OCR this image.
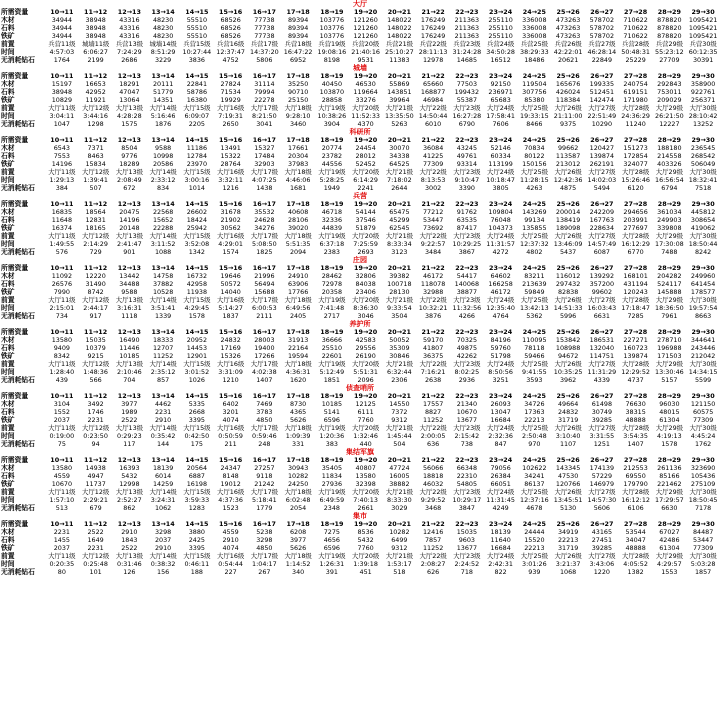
大厅
所需资量	10→11	11→12	12→13	13→14	14→15	15→16	16→17	17→18	18→19	19→20	20→21	21→22	22→23	23→24	24→25	25→26	26→27	27→28	28→29	29→30
木材	34944	38948	43316	48230	55510	68526	77738	89394	103776	121260	148022	176249	211363	255110	336008	473263	578702	710622	878820	1095421
石料	34944	38948	43316	48230	55510	68526	77738	89394	103776	121260	148022	176249	211363	255110	336008	473263	578702	710622	878820	1095421
铁矿	34944	38948	43316	48230	55510	68526	77738	89394	103776	121260	148022	176249	211363	255110	336008	473263	578702	710622	878820	1095421
前置	兵营11级	城墙11级	兵营13级	城墙14级	兵营15级	兵营16级	兵营17级	兵营18级	兵营19级	兵营20级	兵营21级	兵营22级	兵营23级	兵营24级	兵营25级	兵营26级	兵营27级	兵营28级	兵营29级	兵营30级
时间	4:57:03	6:06:27	7:24:29	8:51:29	10:27:44	12:37:47	14:37:20	16:47:22	19:08:16	21:40:16	25:10:27	28:11:13	31:24:28	34:50:28	38:29:33	42:22:01	46:28:14	50:48:31	55:23:12	60:12:35
无消耗钻石	1764	2199	2686	3229	3836	4752	5806	6952	8198	9531	11383	12978	14685	16512	18486	20621	22849	25229	27709	30391
城墙
所需资量	10→11	11→12	12→13	13→14	14→15	15→16	16→17	17→18	18→19	19→20	20→21	21→22	22→23	23→24	24→25	25→26	26→27	27→28	28→29	29→30
木材	15197	16653	18291	20111	22841	27824	31114	35250	40450	46530	55869	65660	77503	92150	119504	165676	199335	240754	292843	358900
石料	38948	42952	47047	51779	58786	71534	79994	90710	103870	119664	143851	168877	199432	236971	307756	426024	512451	619151	753011	922761
铁矿	10829	11921	13064	14351	16380	19929	22278	25150	28858	33276	39964	46984	55387	65683	85380	118384	142474	171980	209029	256371
前置	大厅11级	大厅12级	大厅13级	大厅14级	大厅15级	大厅16级	大厅17级	大厅18级	大厅19级	大厅20级	大厅21级	大厅22级	大厅23级	大厅24级	大厅25级	大厅26级	大厅27级	大厅28级	大厅29级	大厅30级
时间	3:04:11	3:44:16	4:28:28	5:16:46	6:09:07	7:19:31	8:21:50	9:28:10	10:38:26	11:52:33	13:35:50	14:50:44	16:27:28	17:58:41	19:33:15	21:11:00	22:51:49	24:36:29	26:21:50	28:10:42
无消耗钻石	1047	1298	1575	1876	2205	2650	3041	3460	3904	4370	5263	6010	6790	7606	8466	9375	10290	11240	12227	13252
科研所
所需资量	10→11	11→12	12→13	13→14	14→15	15→16	16→17	17→18	18→19	19→20	20→21	21→22	22→23	23→24	24→25	25→26	26→27	27→28	28→29	29→30
木材	6543	7371	8504	9588	11186	13491	15327	17661	20774	24454	30070	36084	43245	52146	70834	99662	120427	151273	188180	236545
石料	7553	8463	9776	10998	12784	15322	17484	20304	23782	28012	34338	41225	49761	60334	80122	113587	139874	172854	214558	268542
铁矿	14196	15834	18289	20586	23970	28764	32903	37983	44556	52452	64525	77309	93314	113199	150156	213012	262191	324077	403326	506049
前置	大厅11级	大厅12级	大厅13级	大厅14级	大厅15级	大厅16级	大厅17级	大厅18级	大厅19级	大厅20级	大厅21级	大厅22级	大厅23级	大厅24级	大厅25级	大厅26级	大厅27级	大厅28级	大厅29级	大厅30级
时间	1:29:13	1:39:41	2:08:49	2:33:12	3:00:16	3:32:11	4:07:25	4:46:06	5:28:25	6:14:29	7:18:02	8:13:53	9:10:47	10:18:47	11:28:15	12:42:36	14:02:03	15:26:46	16:56:54	18:32:41
无消耗钻石	384	507	672	834	1014	1216	1438	1681	1949	2241	2644	3002	3390	3805	4263	4875	5494	6120	6794	7518
兵营
所需资量	10→11	11→12	12→13	13→14	14→15	15→16	16→17	17→18	18→19	19→20	20→21	21→22	22→23	23→24	24→25	25→26	26→27	27→28	28→29	29→30
木材	16835	18564	20475	22568	26602	31678	35532	40608	46718	54144	65475	77212	91762	109804	143269	200014	242209	294656	361034	445812
石料	11648	12831	14196	15652	18424	21902	24628	28106	32336	37546	45299	53447	63535	76048	99134	138419	167763	203991	249903	308654
铁矿	16374	18165	20148	22288	25942	30562	34276	39020	44839	51879	62545	73692	87417	104373	135855	189098	228634	277697	339808	419062
前置	大厅11级	大厅12级	大厅13级	大厅14级	大厅15级	大厅16级	大厅17级	大厅18级	大厅19级	大厅20级	大厅21级	大厅22级	大厅23级	大厅24级	大厅25级	大厅26级	大厅27级	大厅28级	大厅29级	大厅30级
时间	1:49:55	2:14:29	2:41:47	3:11:52	3:52:08	4:29:01	5:08:50	5:51:35	6:37:18	7:25:59	8:33:34	9:22:57	10:29:25	11:31:57	12:37:32	13:46:09	14:57:49	16:12:29	17:30:08	18:50:44
无消耗钻石	576	729	901	1088	1342	1574	1825	2094	2383	2693	3123	3484	3867	4272	4802	5437	6087	6770	7488	8242
庄园
所需资量	10→11	11→12	12→13	13→14	14→15	15→16	16→17	17→18	18→19	19→20	20→21	21→22	22→23	23→24	24→25	25→26	26→27	27→28	28→29	29→30
木材	11092	12220	13442	14758	16732	19646	21996	24910	28462	32806	39382	46172	54417	64602	83211	116012	139292	168101	204282	249960
石料	26576	31490	34488	37882	42958	50572	56494	63906	72978	84038	100718	118078	140068	166258	213639	297432	357200	431194	524117	641454
铁矿	7990	8742	9588	10528	11938	14040	15688	17766	20358	23406	28130	32988	38877	46172	59849	82838	99602	120243	145888	178577
前置	大厅11级	大厅12级	大厅13级	大厅14级	大厅15级	大厅16级	大厅17级	大厅18级	大厅19级	大厅20级	大厅21级	大厅22级	大厅23级	大厅24级	大厅25级	大厅26级	大厅27级	大厅28级	大厅29级	大厅30级
时间	2:15:01	2:44:17	3:16:31	3:51:41	4:29:45	5:14:27	6:00:53	6:49:56	7:41:48	8:36:30	9:33:54	10:32:21	11:32:56	12:35:40	13:42:13	14:51:33	16:03:43	17:18:47	18:36:50	19:57:54
无消耗钻石	734	917	1118	1339	1578	1837	2111	2405	2717	3046	3504	3876	4266	4764	5362	5996	6631	7285	7961	8663
养护所
所需资量	10→11	11→12	12→13	13→14	14→15	15→16	16→17	17→18	18→19	19→20	20→21	21→22	22→23	23→24	24→25	25→26	26→27	27→28	28→29	29→30
木材	13580	15035	16490	18333	20952	24832	28003	31913	36666	42583	50052	59170	70325	84196	110095	153842	186531	227271	278710	344641
石料	9409	10379	11446	12707	14453	17169	19400	22164	25510	29556	35309	41807	49875	59760	78118	108988	132040	160723	196988	243446
铁矿	8342	9215	10185	11252	12901	15326	17266	19594	22601	26190	30846	36375	42262	51798	59466	94672	114751	139874	171503	212042
前置	大厅11级	大厅12级	大厅13级	大厅14级	大厅15级	大厅16级	大厅17级	大厅18级	大厅19级	大厅20级	大厅21级	大厅22级	大厅23级	大厅24级	大厅25级	大厅26级	大厅27级	大厅28级	大厅29级	大厅30级
时间	1:28:40	1:48:36	2:10:46	2:35:12	3:01:52	3:31:09	4:02:38	4:36:31	5:12:49	5:51:31	6:32:44	7:16:21	8:02:25	8:50:56	9:41:55	10:35:25	11:31:29	12:29:52	13:30:46	14:34:15
无消耗钻石	439	566	704	857	1026	1210	1407	1620	1851	2096	2306	2638	2936	3251	3593	3962	4339	4737	5157	5599
侦查哨所
所需资量	10→11	11→12	12→13	13→14	14→15	15→16	16→17	17→18	18→19	19→20	20→21	21→22	22→23	23→24	24→25	25→26	26→27	27→28	28→29	29→30
木材	3104	3492	3977	4462	5335	6402	7469	8730	10185	12125	14550	17557	21340	26093	34726	49664	61498	76630	96030	121150
石料	1552	1746	1989	2231	2668	3201	3783	4365	5141	6111	7372	8827	10670	13047	17363	24832	30749	38315	48015	60575
铁矿	2037	2231	2522	2910	3395	4074	4850	5626	6596	7760	9312	11252	13677	16684	22213	31719	39285	48888	61304	77309
前置	大厅11级	大厅12级	大厅13级	大厅14级	大厅15级	大厅16级	大厅17级	大厅18级	大厅19级	大厅20级	大厅21级	大厅22级	大厅23级	大厅24级	大厅25级	大厅26级	大厅27级	大厅28级	大厅29级	大厅30级
时间	0:19:00	0:23:50	0:29:23	0:35:42	0:42:50	0:50:59	0:59:46	1:09:39	1:20:36	1:32:46	1:45:44	2:00:05	2:15:42	2:32:36	2:50:48	3:10:40	3:31:55	3:54:35	4:19:13	4:45:24
无消耗钻石	75	94	117	144	175	211	248	331	383	440	504	636	738	847	970	1107	1251	1407	1578	1762
集结军旗
所需资量	10→11	11→12	12→13	13→14	14→15	15→16	16→17	17→18	18→19	19→20	20→21	21→22	22→23	23→24	24→25	25→26	26→27	27→28	28→29	29→30
木材	13580	14938	16393	18139	20564	24347	27257	30943	35405	40807	47724	56066	66348	79056	102622	143345	174139	212553	261136	323690
石料	4559	4947	5432	6014	6887	8148	9118	10282	11834	13580	16005	18818	22310	26384	34241	47530	57229	69550	85166	105436
铁矿	10670	11737	12998	14259	16198	19012	21242	24250	27936	32398	38882	46032	54805	66051	86137	120766	146979	179790	221462	275109
前置	大厅11级	大厅12级	大厅13级	大厅14级	大厅15级	大厅16级	大厅17级	大厅18级	大厅19级	大厅20级	大厅21级	大厅22级	大厅23级	大厅24级	大厅25级	大厅26级	大厅27级	大厅28级	大厅29级	大厅30级
时间	1:57:10	2:29:21	2:52:27	3:24:31	3:59:33	4:37:36	5:18:41	6:02:48	6:49:59	7:40:13	8:33:30	9:29:52	10:29:17	11:31:45	12:37:16	13:45:51	14:57:30	16:12:12	17:29:57	18:50:45
无消耗钻石	513	679	862	1062	1283	1523	1779	2054	2348	2661	3029	3468	3847	4249	4678	5130	5606	6106	6630	7178
集市
所需资量	10→11	11→12	12→13	13→14	14→15	15→16	16→17	17→18	18→19	19→20	20→21	21→22	22→23	23→24	24→25	25→26	26→27	27→28	28→29	29→30
木材	2231	2522	2910	3298	3880	4559	5238	6208	7275	8536	10282	12416	15035	18139	24444	34919	43165	53544	67027	84487
石料	1455	1649	1843	2037	2425	2910	3298	3977	4656	5432	6499	7857	9603	11640	15520	22213	27451	34047	42486	53447
铁矿	2037	2231	2522	2910	3395	4074	4850	5626	6596	7760	9312	11252	13677	16684	22213	31719	39285	48888	61304	77309
前置	大厅11级	大厅12级	大厅13级	大厅14级	大厅15级	大厅16级	大厅17级	大厅18级	大厅19级	大厅20级	大厅21级	大厅22级	大厅23级	大厅24级	大厅25级	大厅26级	大厅27级	大厅28级	大厅29级	大厅30级
时间	0:20:35	0:25:48	0:31:46	0:38:32	0:46:11	0:54:44	1:04:17	1:14:52	1:26:31	1:39:18	1:53:17	2:08:27	2:24:52	2:42:31	3:01:26	3:21:37	3:43:06	4:05:52	4:29:57	5:03:28
无消耗钻石	80	101	126	156	188	227	267	340	391	451	518	626	718	822	939	1068	1220	1382	1553	1857
